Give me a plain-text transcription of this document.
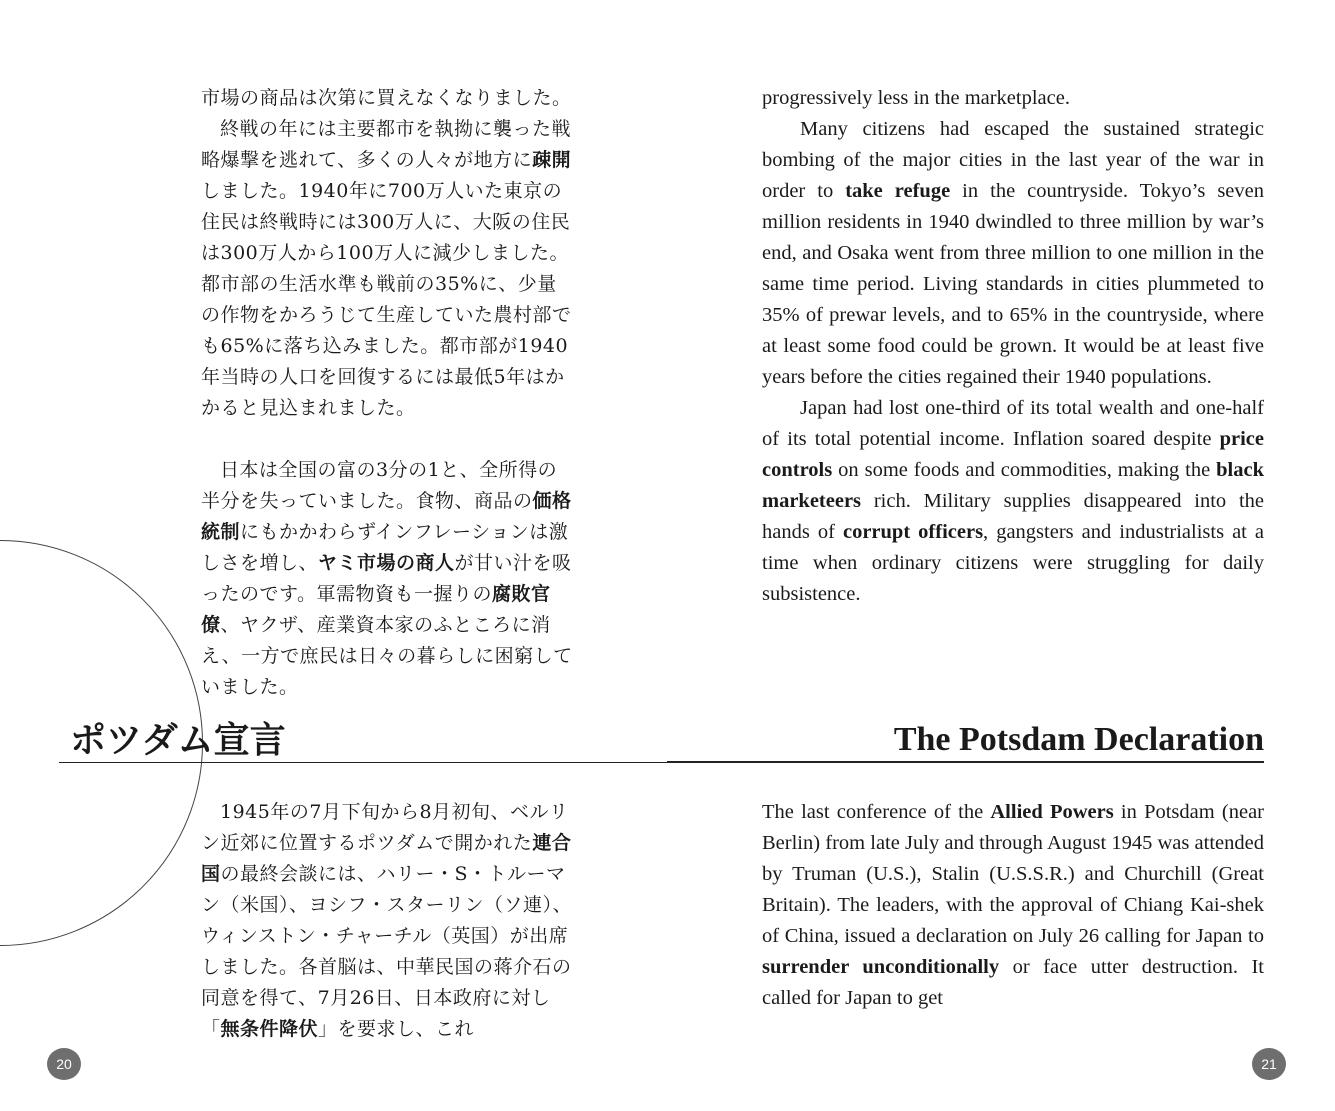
市場の商品は次第に買えなくなりました。

終戦の年には主要都市を執拗に襲った戦略爆撃を逃れて、多くの人々が地方に疎開しました。1940年に700万人いた東京の住民は終戦時には300万人に、大阪の住民は300万人から100万人に減少しました。都市部の生活水準も戦前の35%に、少量の作物をかろうじて生産していた農村部でも65%に落ち込みました。都市部が1940年当時の人口を回復するには最低5年はかかると見込まれました。

日本は全国の富の3分の1と、全所得の半分を失っていました。食物、商品の価格統制にもかかわらずインフレーションは激しさを増し、ヤミ市場の商人が甘い汁を吸ったのです。軍需物資も一握りの腐敗官僚、ヤクザ、産業資本家のふところに消え、一方で庶民は日々の暮らしに困窮していました。

ポツダム宣言

1945年の7月下旬から8月初旬、ベルリン近郊に位置するポツダムで開かれた連合国の最終会談には、ハリー・S・トルーマン（米国）、ヨシフ・スターリン（ソ連）、ウィンストン・チャーチル（英国）が出席しました。各首脳は、中華民国の蒋介石の同意を得て、7月26日、日本政府に対し「無条件降伏」を要求し、これ

20

progressively less in the marketplace.

Many citizens had escaped the sustained strategic bombing of the major cities in the last year of the war in order to take refuge in the countryside. Tokyo’s seven million residents in 1940 dwindled to three million by war’s end, and Osaka went from three million to one million in the same time period. Living standards in cities plummeted to 35% of prewar levels, and to 65% in the countryside, where at least some food could be grown. It would be at least five years before the cities regained their 1940 populations.

Japan had lost one-third of its total wealth and one-half of its total potential income. Inflation soared despite price controls on some foods and commodities, making the black marketeers rich. Military supplies disappeared into the hands of corrupt officers, gangsters and industrialists at a time when ordinary citizens were struggling for daily subsistence.

The Potsdam Declaration

The last conference of the Allied Powers in Potsdam (near Berlin) from late July and through August 1945 was attended by Truman (U.S.), Stalin (U.S.S.R.) and Churchill (Great Britain). The leaders, with the approval of Chiang Kai-shek of China, issued a declaration on July 26 calling for Japan to surrender unconditionally or face utter destruction. It called for Japan to get

21
